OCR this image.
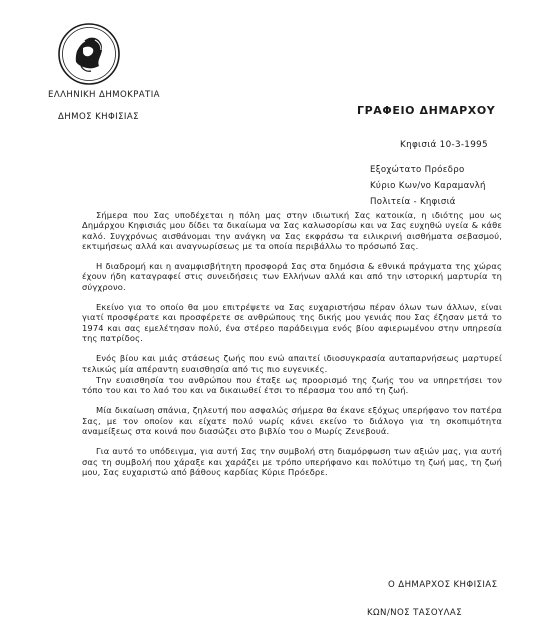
ΕΛΛΗΝΙΚΗ ΔΗΜΟΚΡΑΤΙΑ
ΔΗΜΟΣ ΚΗΦΙΣΙΑΣ	ΓΡΑΦΕΙΟ ΔΗΜΑΡΧΟΥ
Κηφισιά 10-3-1995
Εξοχώτατο Πρόεδρο
Κύριο Κων/νο Καραμανλή
Πολιτεία - Κηφισιά

Σήμερα που Σας υποδέχεται η πόλη μας στην ιδιωτική Σας κατοικία, η ιδιότης μου ως Δημάρχου Κηφισιάς μου δίδει τα δικαίωμα να Σας καλωσορίσω και να Σας ευχηθώ υγεία & κάθε καλό. Συγχρόνως αισθάνομαι την ανάγκη να Σας εκφράσω τα ειλικρινή αισθήματα σεβασμού, εκτιμήσεως αλλά και αναγνωρίσεως με τα οποία περιβάλλω το πρόσωπό Σας.

Η διαδρομή και η αναμφισβήτητη προσφορά Σας στα δημόσια & εθνικά πράγματα της χώρας έχουν ήδη καταγραφεί στις συνειδήσεις των Ελλήνων αλλά και από την ιστορική μαρτυρία τη σύγχρονο.

Εκείνο για το οποίο θα μου επιτρέψετε να Σας ευχαριστήσω πέραν όλων των άλλων, είναι γιατί προσφέρατε και προσφέρετε σε ανθρώπους της δικής μου γενιάς που Σας έζησαν μετά το 1974 και σας εμελέτησαν πολύ, ένα στέρεο παράδειγμα ενός βίου αφιερωμένου στην υπηρεσία της πατρίδος.

Ενός βίου και μιάς στάσεως ζωής που ενώ απαιτεί ιδιοσυγκρασία αυταπαρνήσεως μαρτυρεί τελικώς μία απέραντη ευαισθησία από τις πιο ευγενικές.

Την ευαισθησία του ανθρώπου που έταξε ως προορισμό της ζωής του να υπηρετήσει τον τόπο του και το λαό του και να δικαιωθεί έτσι το πέρασμα του από τη ζωή.

Μία δικαίωση σπάνια, ζηλευτή που ασφαλώς σήμερα θα έκανε εξόχως υπερήφανο τον πατέρα Σας, με τον οποίον και είχατε πολύ νωρίς κάνει εκείνο το διάλογο για τη σκοπιμότητα αναμείξεως στα κοινά που διασώζει στο βιβλίο του ο Μωρίς Ζενεβουά.

Για αυτό το υπόδειγμα, για αυτή Σας την συμβολή στη διαμόρφωση των αξιών μας, για αυτή σας τη συμβολή που χάραξε και χαράζει με τρόπο υπερήφανο και πολύτιμο τη ζωή μας, τη ζωή μου, Σας ευχαριστώ από βάθους καρδίας Κύριε Πρόεδρε.

Ο ΔΗΜΑΡΧΟΣ ΚΗΦΙΣΙΑΣ
ΚΩΝ/ΝΟΣ ΤΑΣΟΥΛΑΣ
